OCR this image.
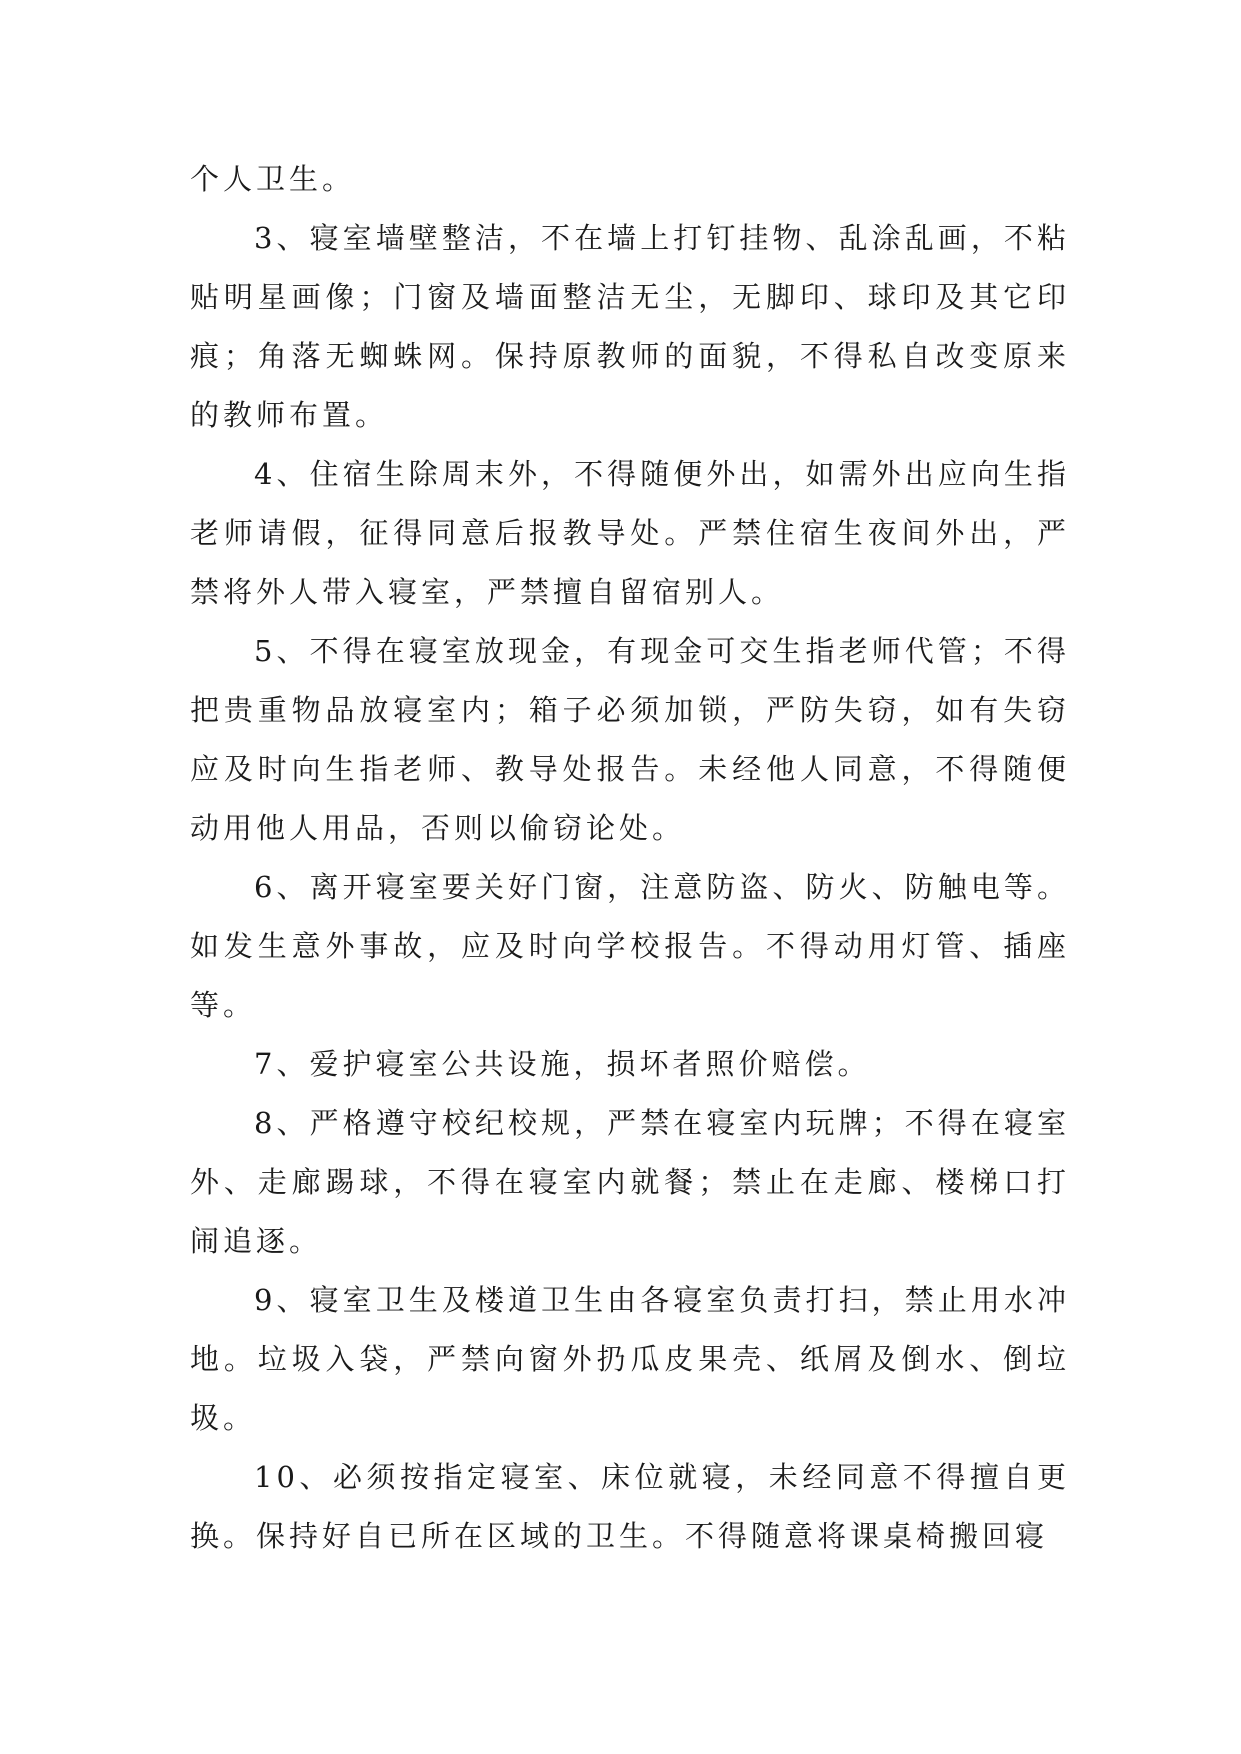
个人卫生。

3、寝室墙壁整洁，不在墙上打钉挂物、乱涂乱画，不粘贴明星画像；门窗及墙面整洁无尘，无脚印、球印及其它印痕；角落无蜘蛛网。保持原教师的面貌，不得私自改变原来的教师布置。

4、住宿生除周末外，不得随便外出，如需外出应向生指老师请假，征得同意后报教导处。严禁住宿生夜间外出，严禁将外人带入寝室，严禁擅自留宿别人。

5、不得在寝室放现金，有现金可交生指老师代管；不得把贵重物品放寝室内；箱子必须加锁，严防失窃，如有失窃应及时向生指老师、教导处报告。未经他人同意，不得随便动用他人用品，否则以偷窃论处。

6、离开寝室要关好门窗，注意防盗、防火、防触电等。如发生意外事故，应及时向学校报告。不得动用灯管、插座等。

7、爱护寝室公共设施，损坏者照价赔偿。

8、严格遵守校纪校规，严禁在寝室内玩牌；不得在寝室外、走廊踢球，不得在寝室内就餐；禁止在走廊、楼梯口打闹追逐。

9、寝室卫生及楼道卫生由各寝室负责打扫，禁止用水冲地。垃圾入袋，严禁向窗外扔瓜皮果壳、纸屑及倒水、倒垃圾。

10、必须按指定寝室、床位就寝，未经同意不得擅自更换。保持好自已所在区域的卫生。不得随意将课桌椅搬回寝
